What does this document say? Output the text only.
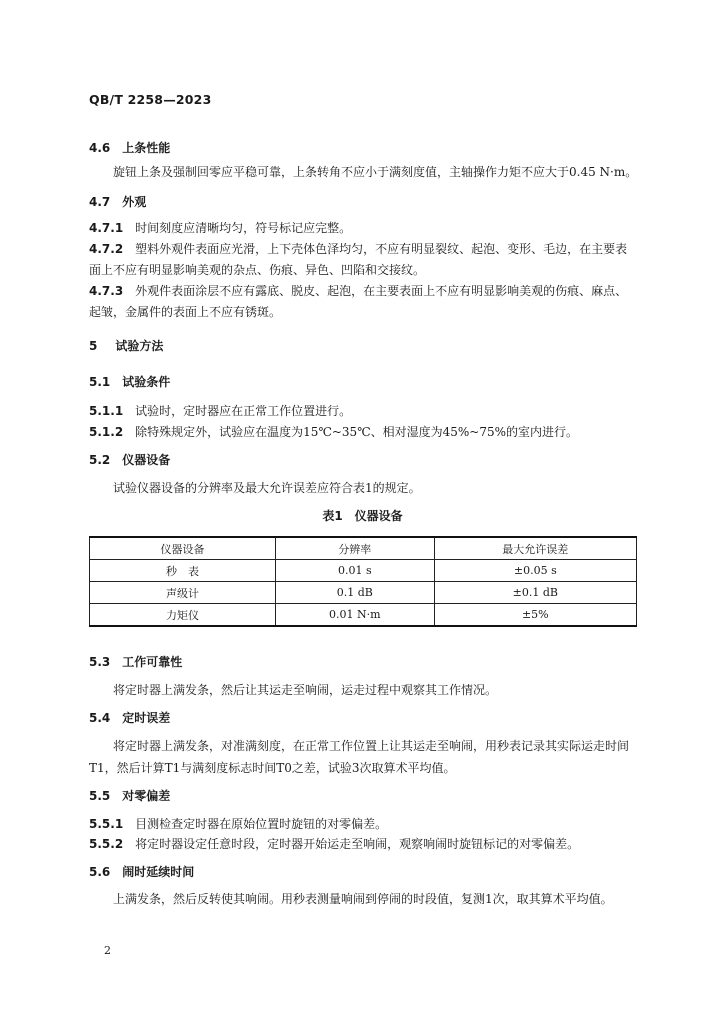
QB/T 2258—2023
4.6 上条性能
旋钮上条及强制回零应平稳可靠，上条转角不应小于满刻度值，主轴操作力矩不应大于0.45 N·m。
4.7 外观
4.7.1 时间刻度应清晰均匀，符号标记应完整。
4.7.2 塑料外观件表面应光滑，上下壳体色泽均匀，不应有明显裂纹、起泡、变形、毛边，在主要表
面上不应有明显影响美观的杂点、伤痕、异色、凹陷和交接纹。
4.7.3 外观件表面涂层不应有露底、脱皮、起泡，在主要表面上不应有明显影响美观的伤痕、麻点、
起皱，金属件的表面上不应有锈斑。
5 试验方法
5.1 试验条件
5.1.1 试验时，定时器应在正常工作位置进行。
5.1.2 除特殊规定外，试验应在温度为15℃~35℃、相对湿度为45%~75%的室内进行。
5.2 仪器设备
试验仪器设备的分辨率及最大允许误差应符合表1的规定。
表1　仪器设备
仪器设备	分辨率	最大允许误差
秒　表	0.01 s	±0.05 s
声级计	0.1 dB	±0.1 dB
力矩仪	0.01 N·m	±5%
5.3 工作可靠性
将定时器上满发条，然后让其运走至响闹，运走过程中观察其工作情况。
5.4 定时误差
将定时器上满发条，对准满刻度，在正常工作位置上让其运走至响闹，用秒表记录其实际运走时间
T1，然后计算T1与满刻度标志时间T0之差，试验3次取算术平均值。
5.5 对零偏差
5.5.1 目测检查定时器在原始位置时旋钮的对零偏差。
5.5.2 将定时器设定任意时段，定时器开始运走至响闹，观察响闹时旋钮标记的对零偏差。
5.6 闹时延续时间
上满发条，然后反转使其响闹。用秒表测量响闹到停闹的时段值，复测1次，取其算术平均值。
2
